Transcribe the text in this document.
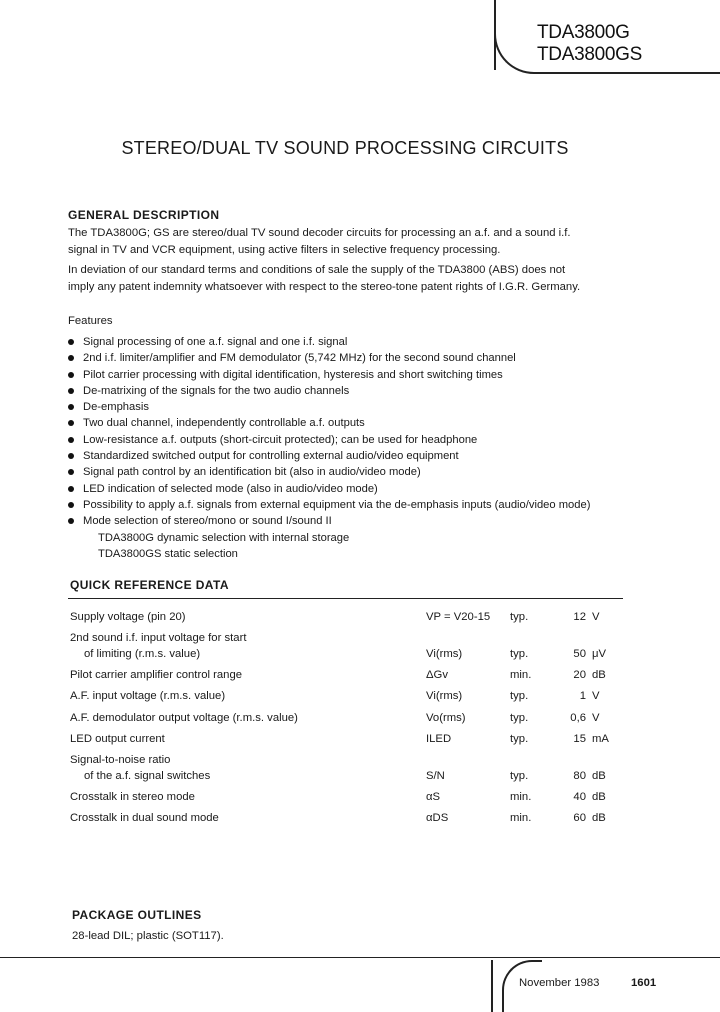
TDA3800G
TDA3800GS
STEREO/DUAL TV SOUND PROCESSING CIRCUITS
GENERAL DESCRIPTION
The TDA3800G; GS are stereo/dual TV sound decoder circuits for processing an a.f. and a sound i.f.
signal in TV and VCR equipment, using active filters in selective frequency processing.
In deviation of our standard terms and conditions of sale the supply of the TDA3800 (ABS) does not
imply any patent indemnity whatsoever with respect to the stereo-tone patent rights of I.G.R. Germany.
Features
Signal processing of one a.f. signal and one i.f. signal
2nd i.f. limiter/amplifier and FM demodulator (5,742 MHz) for the second sound channel
Pilot carrier processing with digital identification, hysteresis and short switching times
De-matrixing of the signals for the two audio channels
De-emphasis
Two dual channel, independently controllable a.f. outputs
Low-resistance a.f. outputs (short-circuit protected); can be used for headphone
Standardized switched output for controlling external audio/video equipment
Signal path control by an identification bit (also in audio/video mode)
LED indication of selected mode (also in audio/video mode)
Possibility to apply a.f. signals from external equipment via the de-emphasis inputs (audio/video mode)
Mode selection of stereo/mono or sound I/sound II
TDA3800G dynamic selection with internal storage
TDA3800GS static selection
QUICK REFERENCE DATA
Supply voltage (pin 20)	VP = V20-15 typ.	12 V
2nd sound i.f. input voltage for start
of limiting (r.m.s. value)	Vi(rms)	typ.	50 μV
Pilot carrier amplifier control range	ΔGv	min.	20 dB
A.F. input voltage (r.m.s. value)	Vi(rms)	typ.	1 V
A.F. demodulator output voltage (r.m.s. value)	Vo(rms)	typ.	0,6 V
LED output current	ILED	typ.	15 mA
Signal-to-noise ratio
of the a.f. signal switches	S/N	typ.	80 dB
Crosstalk in stereo mode	αS	min.	40 dB
Crosstalk in dual sound mode	αDS	min.	60 dB
PACKAGE OUTLINES
28-lead DIL; plastic (SOT117).
November 1983	1601
